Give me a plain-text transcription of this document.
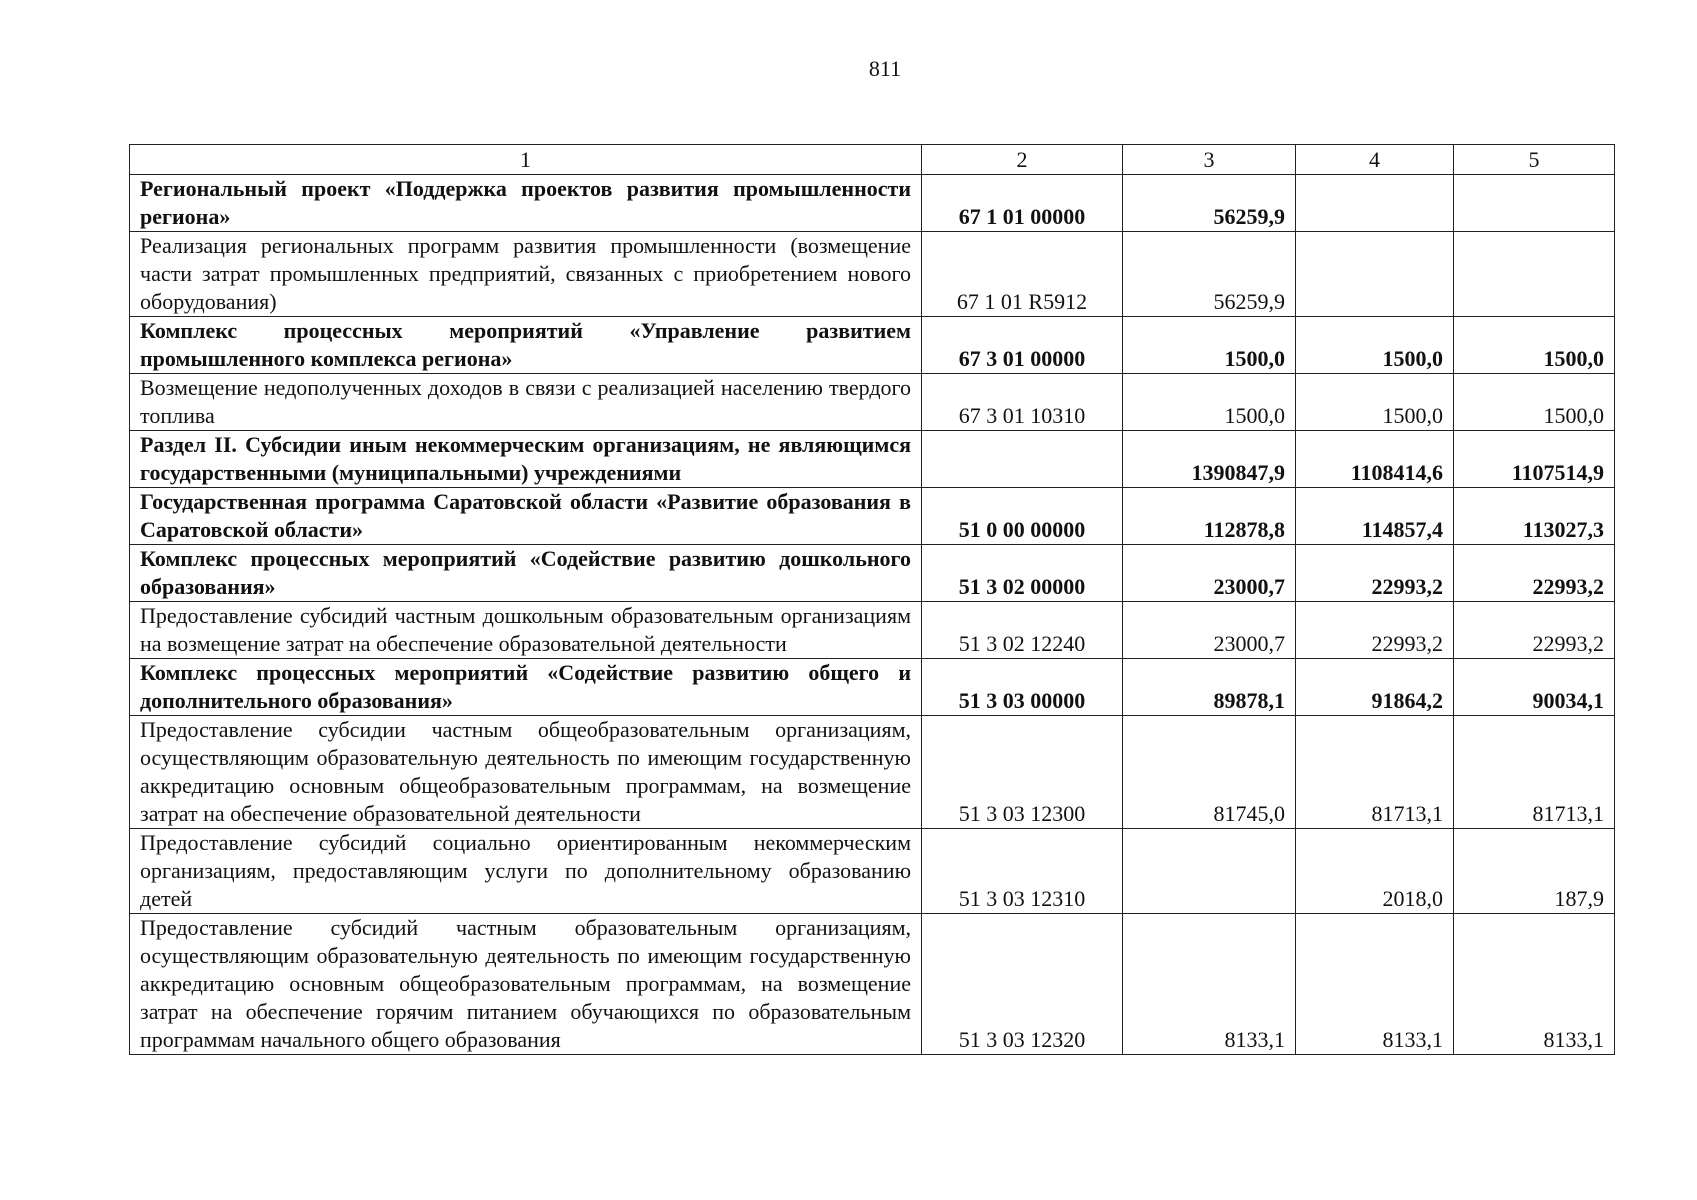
811
1	2	3	4	5
Региональный проект «Поддержка проектов развития промышленности региона»	67 1 01 00000	56259,9		
Реализация региональных программ развития промышленности (возмещение части затрат промышленных предприятий, связанных с приобретением нового оборудования)	67 1 01 R5912	56259,9		
Комплекс процессных мероприятий «Управление развитием промышленного комплекса региона»	67 3 01 00000	1500,0	1500,0	1500,0
Возмещение недополученных доходов в связи с реализацией населению твердого топлива	67 3 01 10310	1500,0	1500,0	1500,0
Раздел II. Субсидии иным некоммерческим организациям, не являющимся государственными (муниципальными) учреждениями		1390847,9	1108414,6	1107514,9
Государственная программа Саратовской области «Развитие образования в Саратовской области»	51 0 00 00000	112878,8	114857,4	113027,3
Комплекс процессных мероприятий «Содействие развитию дошкольного образования»	51 3 02 00000	23000,7	22993,2	22993,2
Предоставление субсидий частным дошкольным образовательным организациям на возмещение затрат на обеспечение образовательной деятельности	51 3 02 12240	23000,7	22993,2	22993,2
Комплекс процессных мероприятий «Содействие развитию общего и дополнительного образования»	51 3 03 00000	89878,1	91864,2	90034,1
Предоставление субсидии частным общеобразовательным организациям, осуществляющим образовательную деятельность по имеющим государственную аккредитацию основным общеобразовательным программам, на возмещение затрат на обеспечение образовательной деятельности	51 3 03 12300	81745,0	81713,1	81713,1
Предоставление субсидий социально ориентированным некоммерческим организациям, предоставляющим услуги по дополнительному образованию детей	51 3 03 12310		2018,0	187,9
Предоставление субсидий частным образовательным организациям, осуществляющим образовательную деятельность по имеющим государственную аккредитацию основным общеобразовательным программам, на возмещение затрат на обеспечение горячим питанием обучающихся по образовательным программам начального общего образования	51 3 03 12320	8133,1	8133,1	8133,1
